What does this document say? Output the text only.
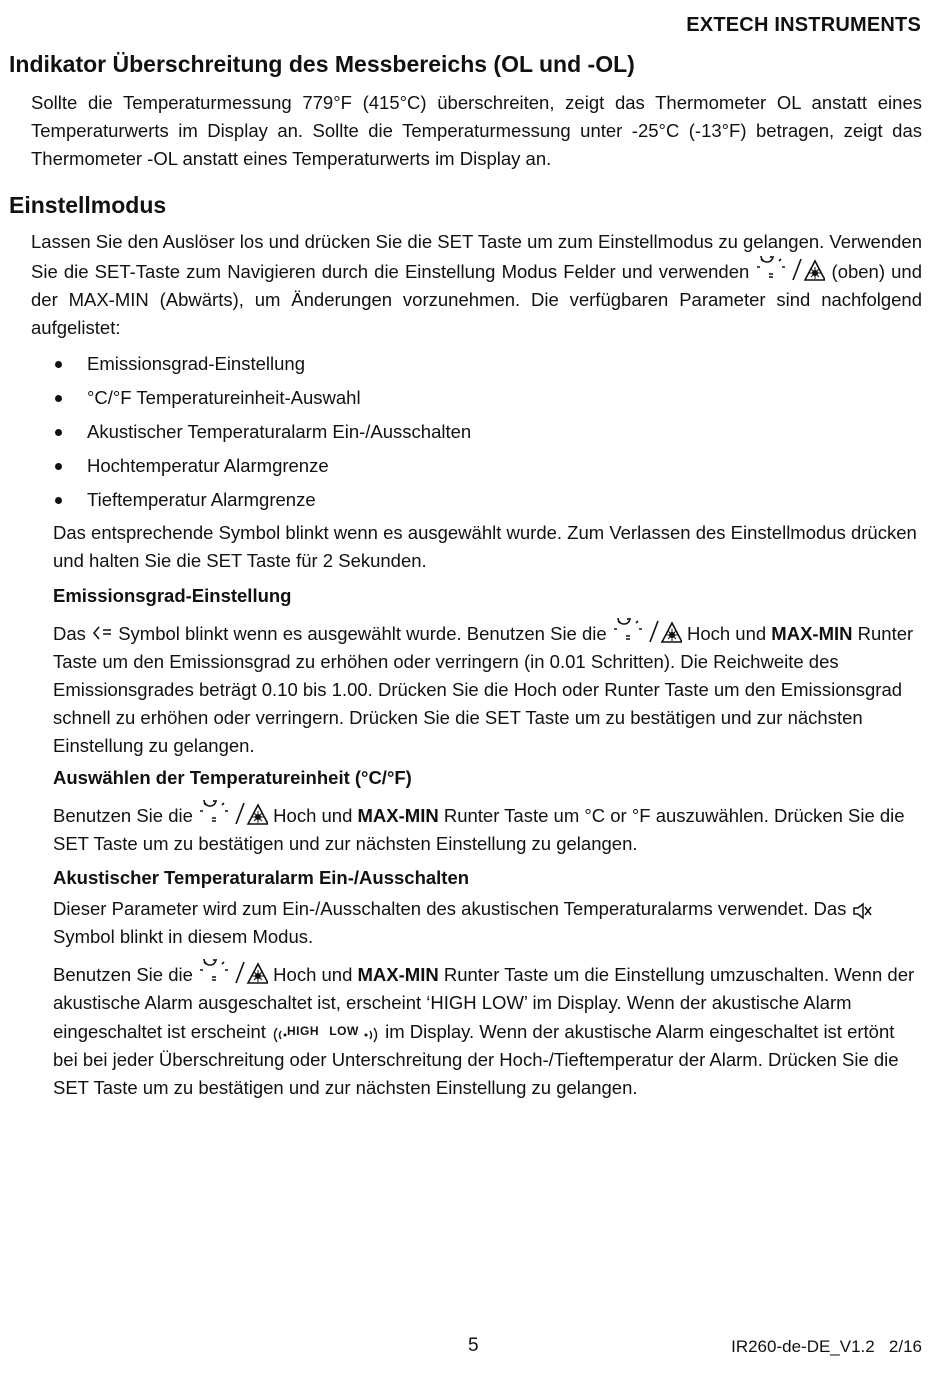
EXTECH INSTRUMENTS
Indikator Überschreitung des Messbereichs (OL und -OL)

Sollte die Temperaturmessung 779°F (415°C) überschreiten, zeigt das Thermometer OL anstatt eines Temperaturwerts im Display an. Sollte die Temperaturmessung unter -25°C (-13°F) betragen, zeigt das Thermometer -OL anstatt eines Temperaturwerts im Display an.

Einstellmodus

Lassen Sie den Auslöser los und drücken Sie die SET Taste um zum Einstellmodus zu gelangen. Verwenden Sie die SET-Taste zum Navigieren durch die Einstellung Modus Felder und verwenden	(oben) und der MAX-MIN (Abwärts), um Änderungen vorzunehmen. Die verfügbaren Parameter sind nachfolgend aufgelistet:

Emissionsgrad-Einstellung
°C/°F Temperatureinheit-Auswahl
Akustischer Temperaturalarm Ein-/Ausschalten
Hochtemperatur Alarmgrenze
Tieftemperatur Alarmgrenze

Das entsprechende Symbol blinkt wenn es ausgewählt wurde. Zum Verlassen des Einstellmodus drücken und halten Sie die SET Taste für 2 Sekunden.

Emissionsgrad-Einstellung

Das Symbol blinkt wenn es ausgewählt wurde. Benutzen Sie die	Hoch und MAX-MIN Runter Taste um den Emissionsgrad zu erhöhen oder verringern (in 0.01 Schritten). Die Reichweite des Emissionsgrades beträgt 0.10 bis 1.00. Drücken Sie die Hoch oder Runter Taste um den Emissionsgrad schnell zu erhöhen oder verringern. Drücken Sie die SET Taste um zu bestätigen und zur nächsten Einstellung zu gelangen.

Auswählen der Temperatureinheit (°C/°F)

Benutzen Sie die	Hoch und MAX-MIN Runter Taste um °C or °F auszuwählen. Drücken Sie die SET Taste um zu bestätigen und zur nächsten Einstellung zu gelangen.

Akustischer Temperaturalarm Ein-/Ausschalten

Dieser Parameter wird zum Ein-/Ausschalten des akustischen Temperaturalarms verwendet. Das  Symbol blinkt in diesem Modus.

Benutzen Sie die	Hoch und MAX-MIN Runter Taste um die Einstellung umzuschalten. Wenn der akustische Alarm ausgeschaltet ist, erscheint ‘HIGH LOW’ im Display. Wenn der akustische Alarm eingeschaltet ist erscheint HIGH LOW im Display. Wenn der akustische Alarm eingeschaltet ist ertönt bei bei jeder Überschreitung oder Unterschreitung der Hoch-/Tieftemperatur der Alarm. Drücken Sie die SET Taste um zu bestätigen und zur nächsten Einstellung zu gelangen.

5	IR260-de-DE_V1.2   2/16
